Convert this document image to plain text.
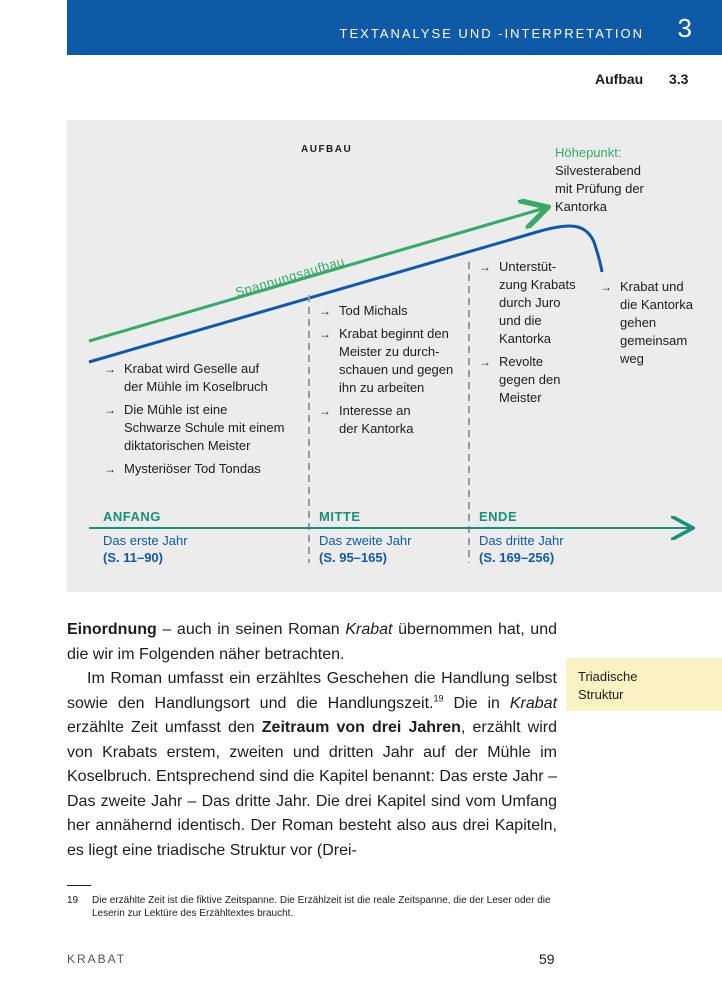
TEXTANALYSE UND -INTERPRETATION 3
Aufbau 3.3
Spannungsaufbau
AUFBAU	Höhepunkt:
Silvesterabend
mit Prüfung der
Kantorka
→ Krabat wird Geselle auf
der Mühle im Koselbruch
→ Die Mühle ist eine
Schwarze Schule mit einem
diktatorischen Meister
→ Mysteriöser Tod Tondas
→ Tod Michals
→ Krabat beginnt den
Meister zu durch-
schauen und gegen
ihn zu arbeiten
→ Interesse an
der Kantorka
→ Unterstüt-
zung Krabats
durch Juro
und die
Kantorka
→ Revolte
gegen den
Meister
→ Krabat und
die Kantorka
gehen
gemeinsam
weg
ANFANG	MITTE	ENDE
Das erste Jahr	Das zweite Jahr	Das dritte Jahr
(S. 11–90)	(S. 95–165)	(S. 169–256)

Einordnung – auch in seinen Roman Krabat übernommen hat, und die wir im Folgenden näher betrachten.

Im Roman umfasst ein erzähltes Geschehen die Handlung selbst sowie den Handlungsort und die Handlungszeit.$^{19}$ Die in Krabat erzählte Zeit umfasst den Zeitraum von drei Jahren, erzählt wird von Krabats erstem, zweiten und dritten Jahr auf der Mühle im Koselbruch. Entsprechend sind die Kapitel benannt: Das erste Jahr – Das zweite Jahr – Das dritte Jahr. Die drei Kapitel sind vom Umfang her annähernd identisch. Der Roman besteht also aus drei Kapiteln, es liegt eine triadische Struktur vor (Drei-

Triadische
Struktur
19 Die erzählte Zeit ist die fiktive Zeitspanne. Die Erzählzeit ist die reale Zeitspanne, die der Leser oder die Leserin zur Lektüre des Erzähltextes braucht.
KRABAT	59
